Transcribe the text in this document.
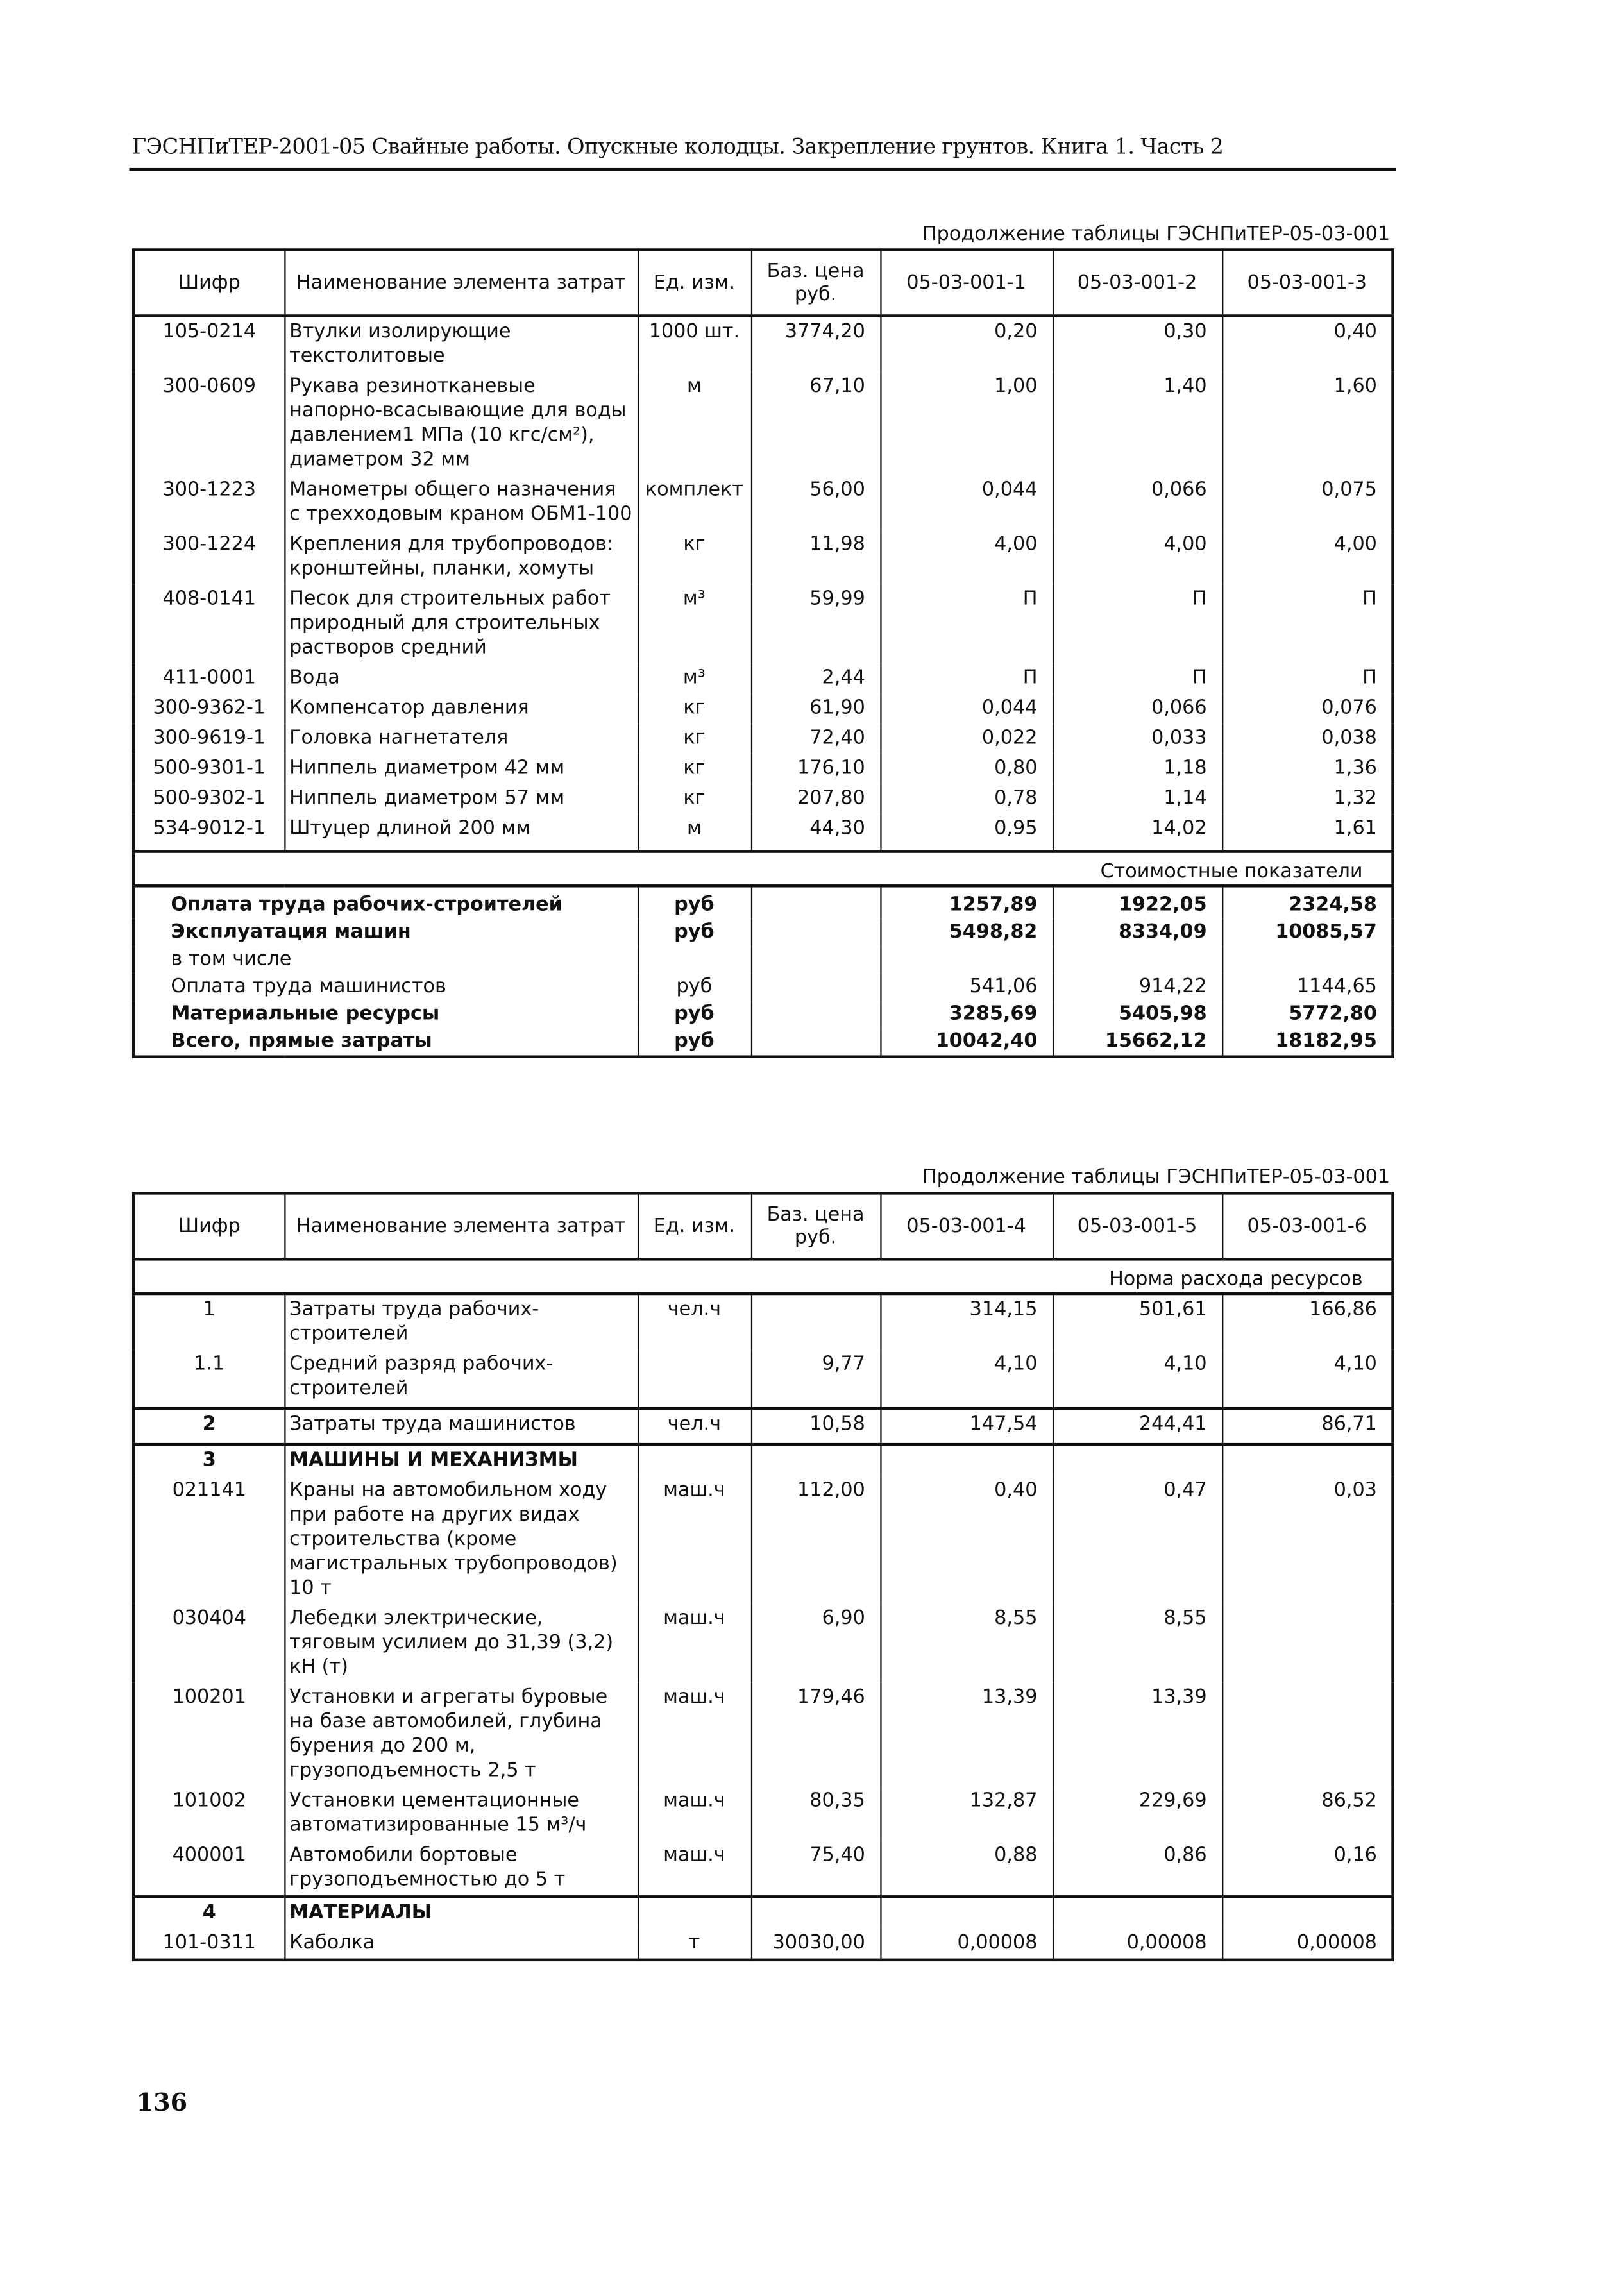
ГЭСНПиТЕР-2001-05 Свайные работы. Опускные колодцы. Закрепление грунтов. Книга 1. Часть 2
Продолжение таблицы ГЭСНПиТЕР-05-03-001
Шифр	Наименование элемента затрат	Ед. изм.	Баз. цена руб.	05-03-001-1	05-03-001-2	05-03-001-3
105-0214	Втулки изолирующие текстолитовые	1000 шт.	3774,20	0,20	0,30	0,40
300-0609	Рукава резинотканевые напорно-всасывающие для воды давлением1 МПа (10 кгс/см²), диаметром 32 мм	м	67,10	1,00	1,40	1,60
300-1223	Манометры общего назначения с трехходовым краном ОБМ1-100	комплект	56,00	0,044	0,066	0,075
300-1224	Крепления для трубопроводов: кронштейны, планки, хомуты	кг	11,98	4,00	4,00	4,00
408-0141	Песок для строительных работ природный для строительных растворов средний	м³	59,99	П	П	П
411-0001	Вода	м³	2,44	П	П	П
300-9362-1	Компенсатор давления	кг	61,90	0,044	0,066	0,076
300-9619-1	Головка нагнетателя	кг	72,40	0,022	0,033	0,038
500-9301-1	Ниппель диаметром 42 мм	кг	176,10	0,80	1,18	1,36
500-9302-1	Ниппель диаметром 57 мм	кг	207,80	0,78	1,14	1,32
534-9012-1	Штуцер длиной 200 мм	м	44,30	0,95	14,02	1,61
Стоимостные показатели						
Оплата труда рабочих-строителей		руб		1257,89	1922,05	2324,58
Эксплуатация машин		руб		5498,82	8334,09	10085,57
в том числе						
Оплата труда машинистов		руб		541,06	914,22	1144,65
Материальные ресурсы		руб		3285,69	5405,98	5772,80
Всего, прямые затраты		руб		10042,40	15662,12	18182,95
Продолжение таблицы ГЭСНПиТЕР-05-03-001
Шифр	Наименование элемента затрат	Ед. изм.	Баз. цена руб.	05-03-001-4	05-03-001-5	05-03-001-6
Норма расхода ресурсов						
1	Затраты труда рабочих-строителей	чел.ч		314,15	501,61	166,86
1.1	Средний разряд рабочих-строителей		9,77	4,10	4,10	4,10
2	Затраты труда машинистов	чел.ч	10,58	147,54	244,41	86,71
3	МАШИНЫ И МЕХАНИЗМЫ					
021141	Краны на автомобильном ходу при работе на других видах строительства (кроме магистральных трубопроводов) 10 т	маш.ч	112,00	0,40	0,47	0,03
030404	Лебедки электрические, тяговым усилием до 31,39 (3,2) кН (т)	маш.ч	6,90	8,55	8,55	
100201	Установки и агрегаты буровые на базе автомобилей, глубина бурения до 200 м, грузоподъемность 2,5 т	маш.ч	179,46	13,39	13,39	
101002	Установки цементационные автоматизированные 15 м³/ч	маш.ч	80,35	132,87	229,69	86,52
400001	Автомобили бортовые грузоподъемностью до 5 т	маш.ч	75,40	0,88	0,86	0,16
4	МАТЕРИАЛЫ					
101-0311	Каболка	т	30030,00	0,00008	0,00008	0,00008
136
